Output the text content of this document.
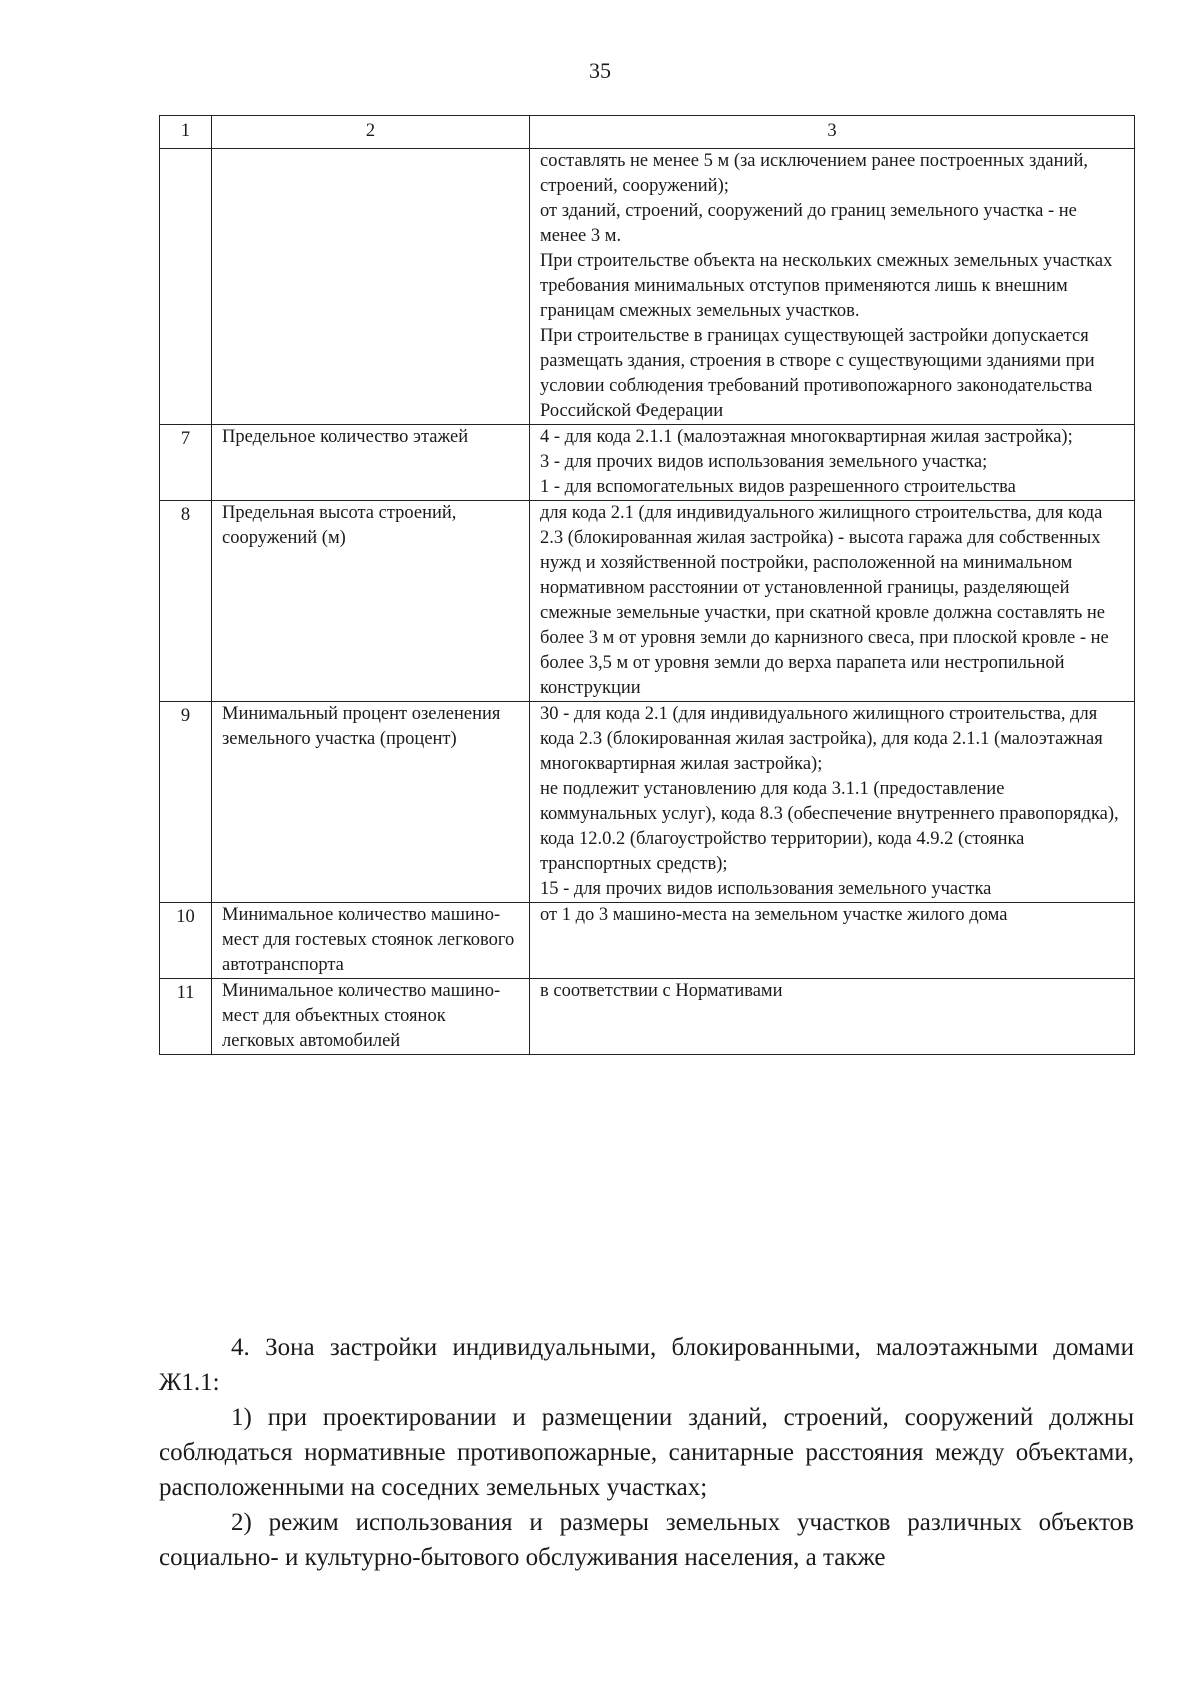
35
1	2	3

		составлять не менее 5 м (за исключением ранее построенных зданий, строений, сооружений);
от зданий, строений, сооружений до границ земельного участка - не менее 3 м.
При строительстве объекта на нескольких смежных земельных участках требования минимальных отступов применяются лишь к внешним границам смежных земельных участков.
При строительстве в границах существующей застройки допускается размещать здания, строения в створе с существующими зданиями при условии соблюдения требований противопожарного законодательства Российской Федерации

7	Предельное количество этажей	4 - для кода 2.1.1 (малоэтажная многоквартирная жилая застройка);
3 - для прочих видов использования земельного участка;
1 - для вспомогательных видов разрешенного строительства

8	Предельная высота строений, сооружений (м)	для кода 2.1 (для индивидуального жилищного строительства, для кода 2.3 (блокированная жилая застройка) - высота гаража для собственных нужд и хозяйственной постройки, расположенной на минимальном нормативном расстоянии от установленной границы, разделяющей смежные земельные участки, при скатной кровле должна составлять не более 3 м от уровня земли до карнизного свеса, при плоской кровле - не более 3,5 м от уровня земли до верха парапета или нестропильной конструкции

9	Минимальный процент озеленения земельного участка (процент)	30 - для кода 2.1 (для индивидуального жилищного строительства, для кода 2.3 (блокированная жилая застройка), для кода 2.1.1 (малоэтажная многоквартирная жилая застройка);
не подлежит установлению для кода 3.1.1 (предоставление коммунальных услуг), кода 8.3 (обеспечение внутреннего правопорядка), кода 12.0.2 (благоустройство территории), кода 4.9.2 (стоянка транспортных средств);
15 - для прочих видов использования земельного участка

10	Минимальное количество машино-мест для гостевых стоянок легкового автотранспорта	от 1 до 3 машино-места на земельном участке жилого дома

11	Минимальное количество машино-мест для объектных стоянок легковых автомобилей	в соответствии с Нормативами

4. Зона застройки индивидуальными, блокированными, малоэтажными домами Ж1.1:

1) при проектировании и размещении зданий, строений, сооружений должны соблюдаться нормативные противопожарные, санитарные расстояния между объектами, расположенными на соседних земельных участках;

2) режим использования и размеры земельных участков различных объектов социально- и культурно-бытового обслуживания населения, а также
